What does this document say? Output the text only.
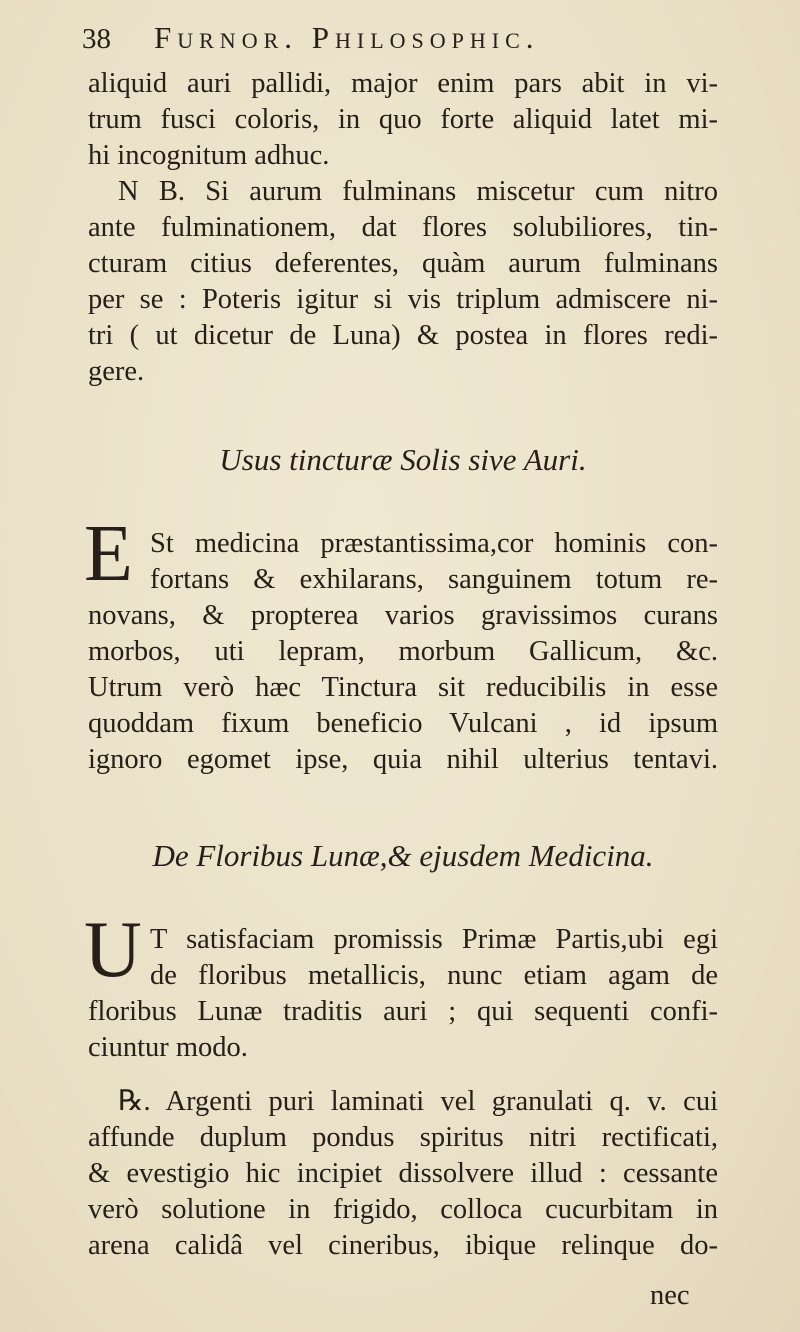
38 Furnor. Philosophic.
aliquid auri pallidi, major enim pars abit in vi-
trum fusci coloris, in quo forte aliquid latet mi-
hi incognitum adhuc.
N B. Si aurum fulminans miscetur cum nitro
ante fulminationem, dat flores solubiliores, tin-
cturam citius deferentes, quàm aurum fulminans
per se : Poteris igitur si vis triplum admiscere ni-
tri ( ut dicetur de Luna) & postea in flores redi-
gere.
Usus tincturæ Solis sive Auri.
E St medicina præstantissima,cor hominis con-
fortans & exhilarans, sanguinem totum re-
novans, & propterea varios gravissimos curans
morbos, uti lepram, morbum Gallicum, &c.
Utrum verò hæc Tinctura sit reducibilis in esse
quoddam fixum beneficio Vulcani , id ipsum
ignoro egomet ipse, quia nihil ulterius tentavi.
De Floribus Lunæ,& ejusdem Medicina.
U T satisfaciam promissis Primæ Partis,ubi egi
de floribus metallicis, nunc etiam agam de
floribus Lunæ traditis auri ; qui sequenti confi-
ciuntur modo.
℞. Argenti puri laminati vel granulati q. v. cui
affunde duplum pondus spiritus nitri rectificati,
& evestigio hic incipiet dissolvere illud : cessante
verò solutione in frigido, colloca cucurbitam in
arena calidâ vel cineribus, ibique relinque do-
nec
